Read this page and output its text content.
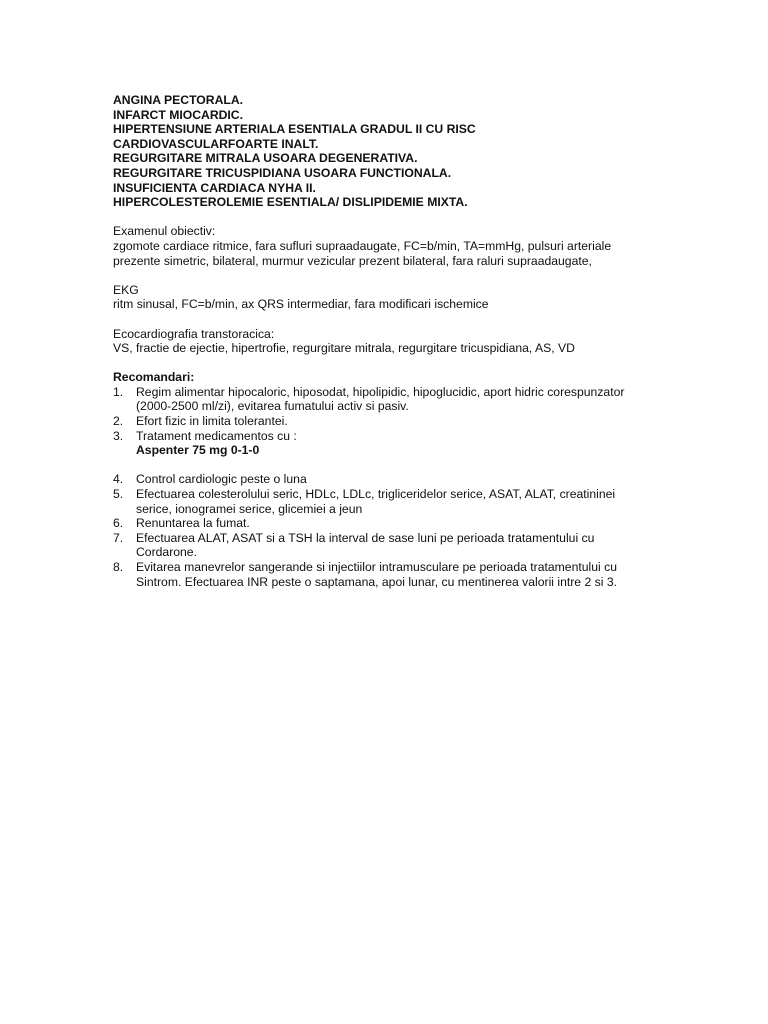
ANGINA PECTORALA.
INFARCT MIOCARDIC.
HIPERTENSIUNE ARTERIALA ESENTIALA GRADUL II CU RISC
CARDIOVASCULARFOARTE INALT.
REGURGITARE MITRALA USOARA DEGENERATIVA.
REGURGITARE TRICUSPIDIANA USOARA FUNCTIONALA.
INSUFICIENTA CARDIACA NYHA II.
HIPERCOLESTEROLEMIE ESENTIALA/ DISLIPIDEMIE MIXTA.
Examenul obiectiv:
zgomote cardiace ritmice, fara sufluri supraadaugate, FC=b/min, TA=mmHg, pulsuri arteriale
prezente simetric, bilateral, murmur vezicular prezent bilateral, fara raluri supraadaugate,
EKG
ritm sinusal, FC=b/min, ax QRS intermediar, fara modificari ischemice
Ecocardiografia transtoracica:
VS, fractie de ejectie, hipertrofie, regurgitare mitrala, regurgitare tricuspidiana, AS, VD
Recomandari:
1.	Regim alimentar hipocaloric, hiposodat, hipolipidic, hipoglucidic, aport hidric corespunzator
(2000-2500 ml/zi), evitarea fumatului activ si pasiv.
2.	Efort fizic in limita tolerantei.
3.	Tratament medicamentos cu :
Aspenter 75 mg 0-1-0
4.	Control cardiologic peste o luna
5.	Efectuarea colesterolului seric, HDLc, LDLc, trigliceridelor serice, ASAT, ALAT, creatininei
serice, ionogramei serice, glicemiei a jeun
6.	Renuntarea la fumat.
7.	Efectuarea ALAT, ASAT si a TSH la interval de sase luni pe perioada tratamentului cu
Cordarone.
8.	Evitarea manevrelor sangerande si injectiilor intramusculare pe perioada tratamentului cu
Sintrom. Efectuarea INR peste o saptamana, apoi lunar, cu mentinerea valorii intre 2 si 3.
